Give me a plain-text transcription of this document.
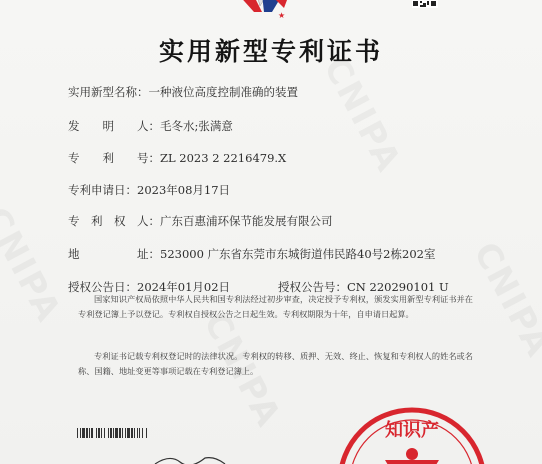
★
实用新型专利证书
实用新型名称：一种液位高度控制准确的装置
发　　明　　人：毛冬水;张满意
专　　利　　号：ZL 2023 2 2216479.X
专利申请日：2023年08月17日
专　利　权　人：广东百惠浦环保节能发展有限公司
地　　　　　址：523000 广东省东莞市东城街道伟民路40号2栋202室
授权公告日：2024年01月02日	授权公告号：CN 220290101 U
国家知识产权局依照中华人民共和国专利法经过初步审查，决定授予专利权，颁发实用新型专利证书并在专利登记簿上予以登记。专利权自授权公告之日起生效。专利权期限为十年，自申请日起算。
专利证书记载专利权登记时的法律状况。专利权的转移、质押、无效、终止、恢复和专利权人的姓名或名称、国籍、地址变更等事项记载在专利登记簿上。
知识产
